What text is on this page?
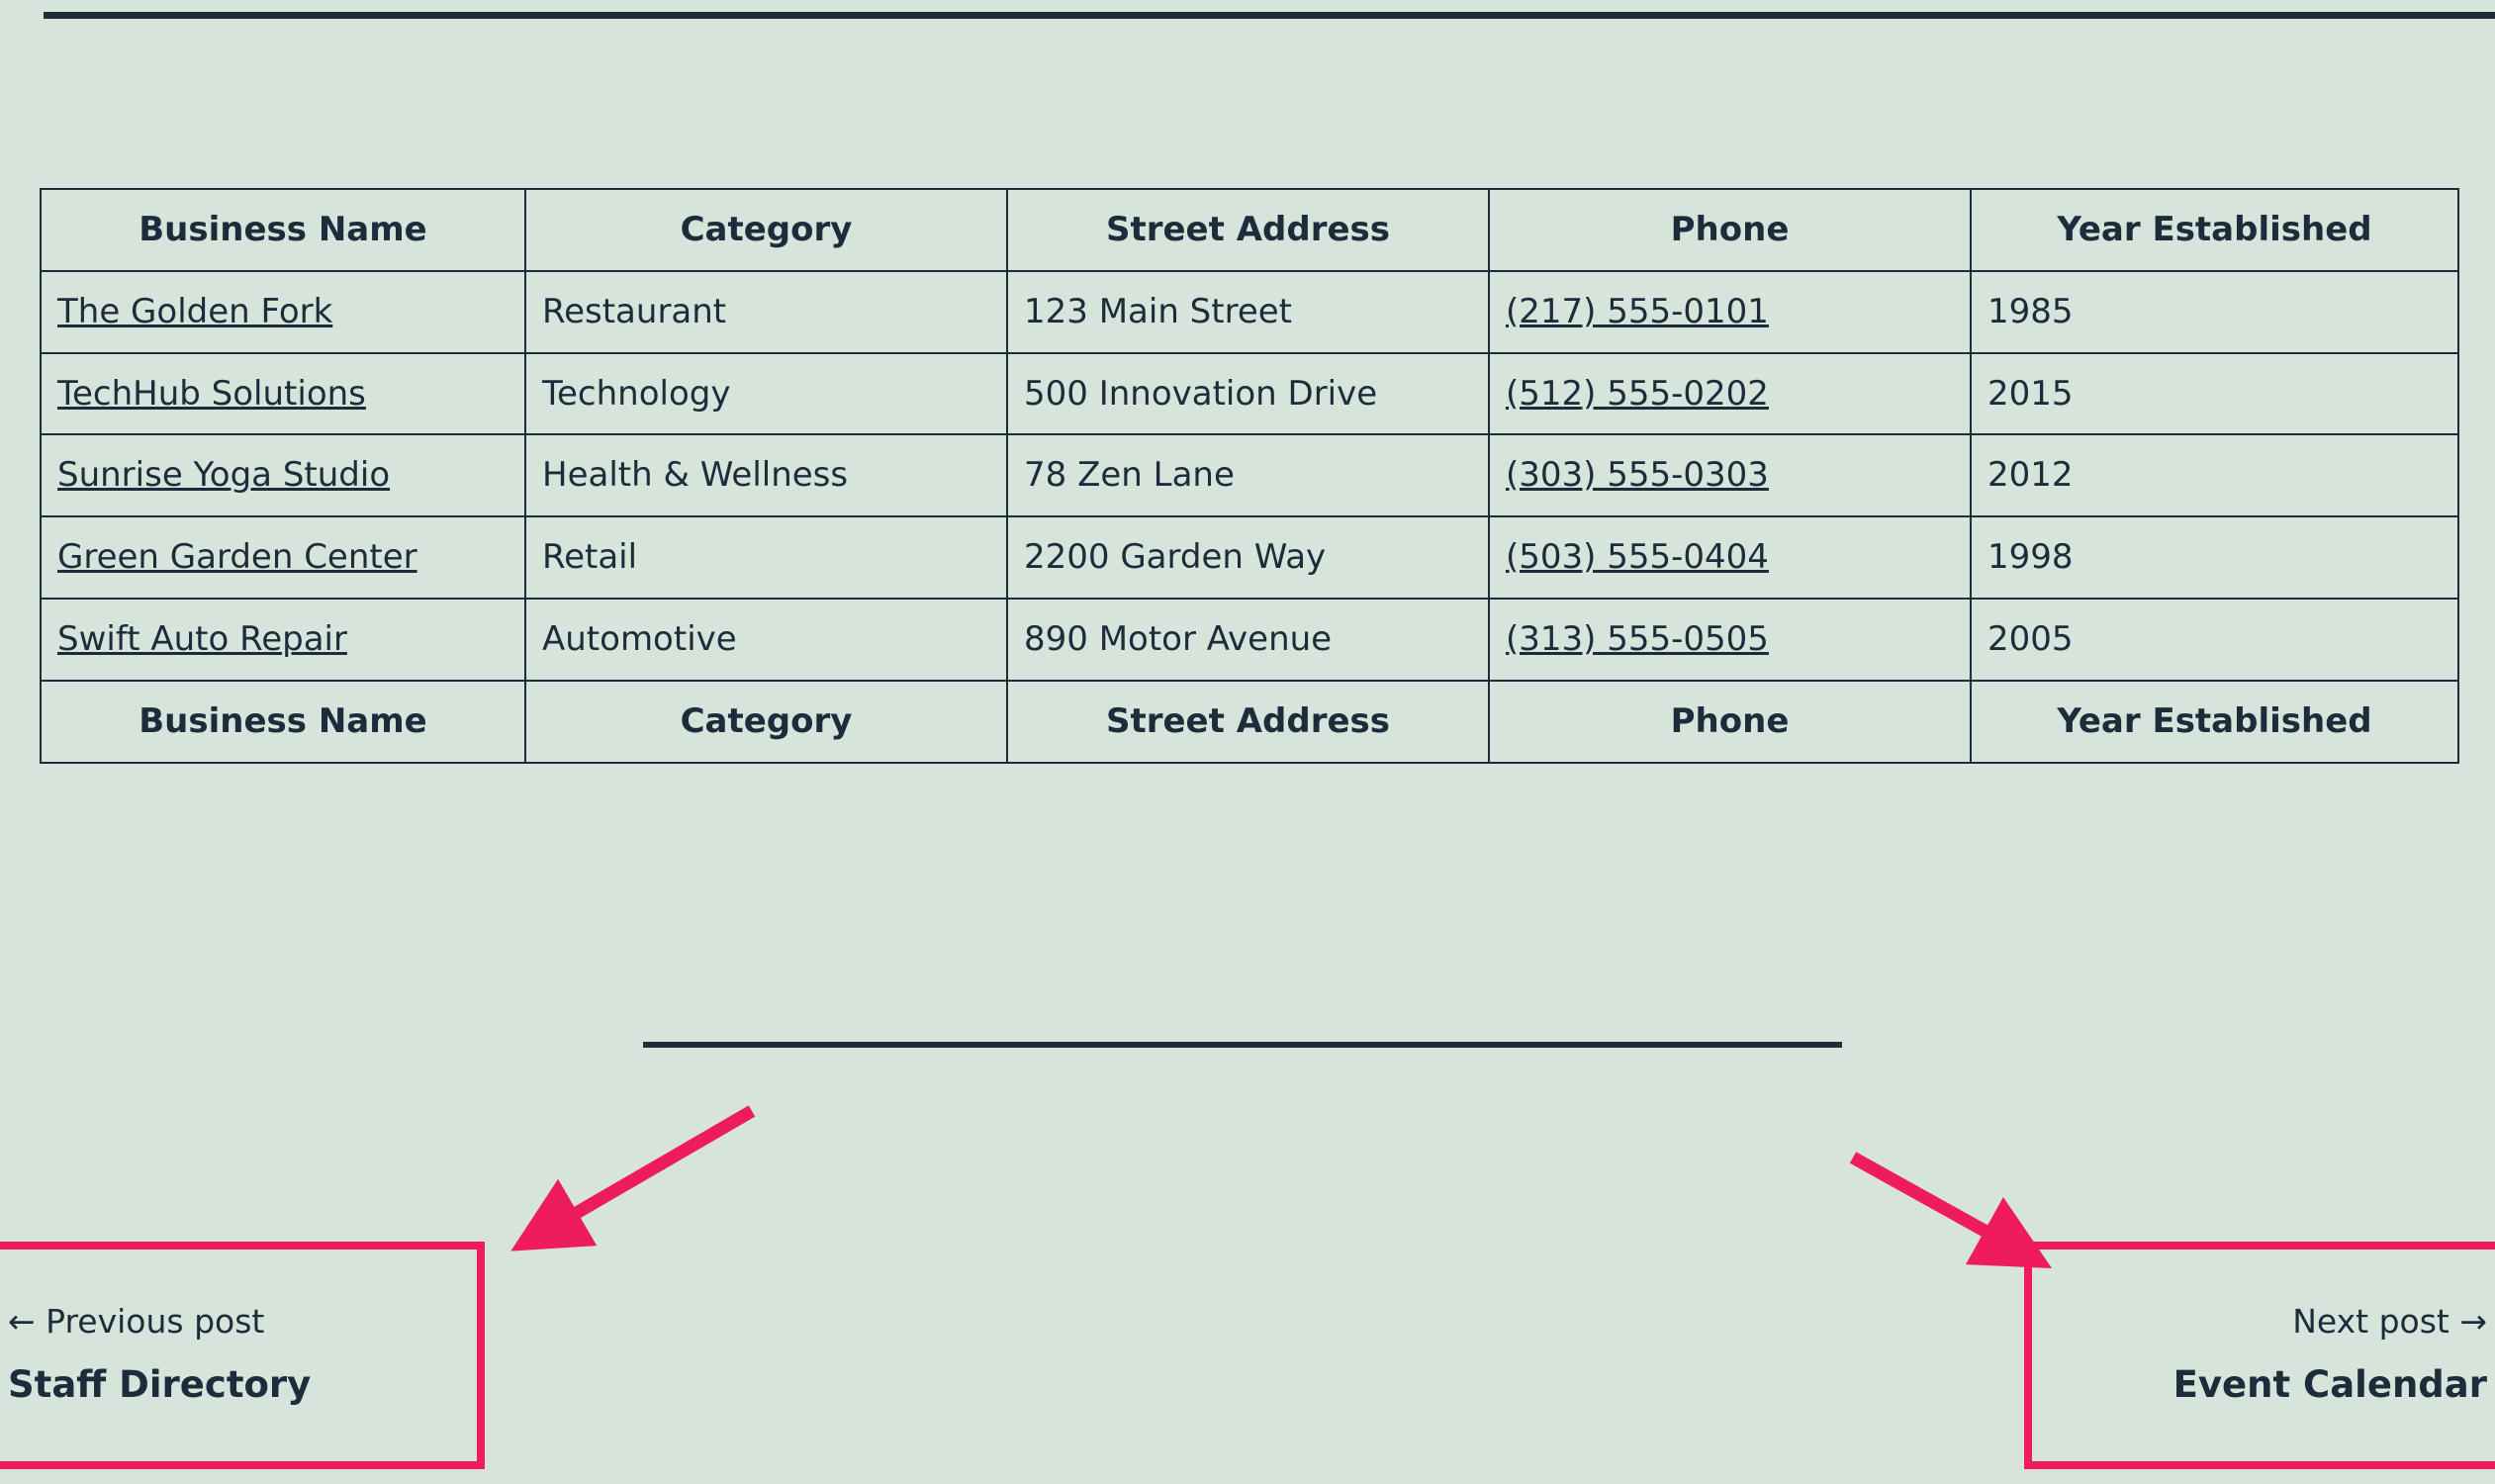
Business Name	Category	Street Address	Phone	Year Established
The Golden Fork	Restaurant	123 Main Street	(217) 555-0101	1985
TechHub Solutions	Technology	500 Innovation Drive	(512) 555-0202	2015
Sunrise Yoga Studio	Health & Wellness	78 Zen Lane	(303) 555-0303	2012
Green Garden Center	Retail	2200 Garden Way	(503) 555-0404	1998
Swift Auto Repair	Automotive	890 Motor Avenue	(313) 555-0505	2005
Business Name	Category	Street Address	Phone	Year Established
← Previous post
Staff Directory
Next post →
Event Calendar
